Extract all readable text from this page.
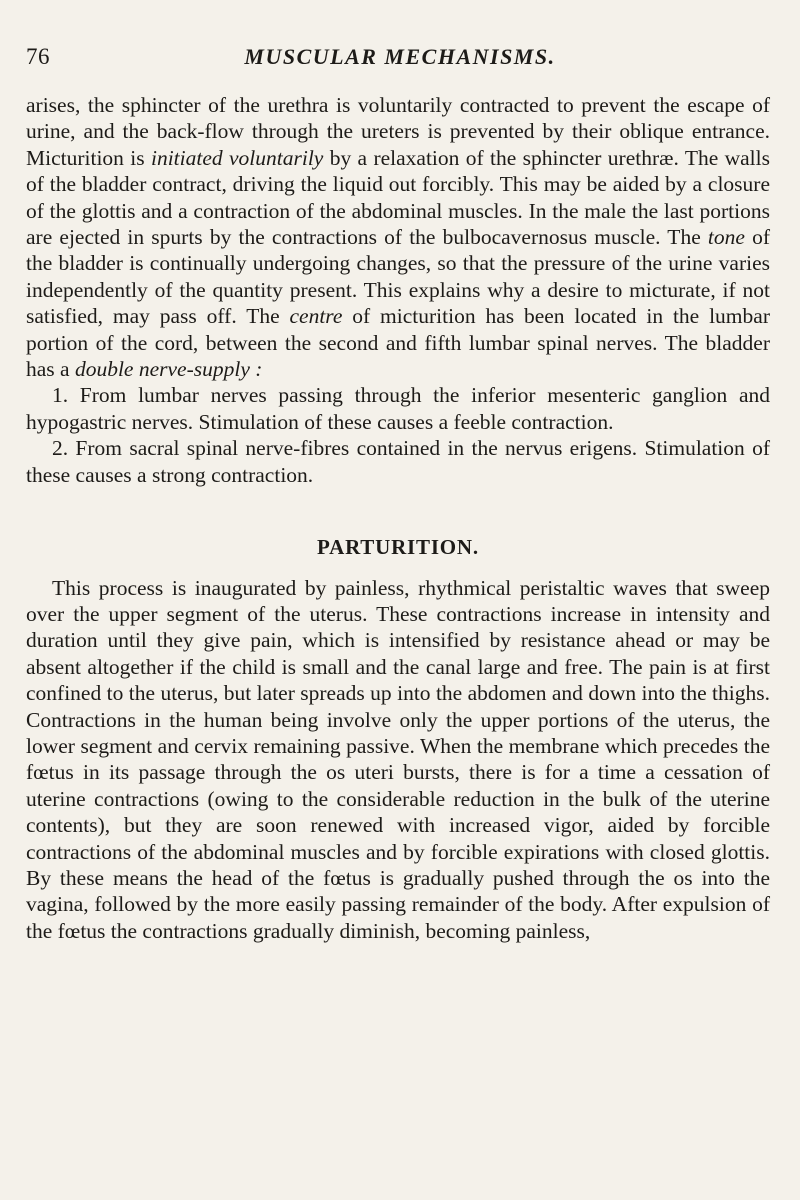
76	MUSCULAR MECHANISMS.

arises, the sphincter of the urethra is voluntarily contracted to prevent the escape of urine, and the back-flow through the ureters is prevented by their oblique entrance. Micturition is initiated voluntarily by a relaxation of the sphincter urethræ. The walls of the bladder contract, driving the liquid out forcibly. This may be aided by a closure of the glottis and a contraction of the abdominal muscles. In the male the last portions are ejected in spurts by the contractions of the bulbocavernosus muscle. The tone of the bladder is continually undergoing changes, so that the pressure of the urine varies independently of the quantity present. This explains why a desire to micturate, if not satisfied, may pass off. The centre of micturition has been located in the lumbar portion of the cord, between the second and fifth lumbar spinal nerves. The bladder has a double nerve-supply :

1. From lumbar nerves passing through the inferior mesenteric ganglion and hypogastric nerves. Stimulation of these causes a feeble contraction.

2. From sacral spinal nerve-fibres contained in the nervus erigens. Stimulation of these causes a strong contraction.

PARTURITION.

This process is inaugurated by painless, rhythmical peristaltic waves that sweep over the upper segment of the uterus. These contractions increase in intensity and duration until they give pain, which is intensified by resistance ahead or may be absent altogether if the child is small and the canal large and free. The pain is at first confined to the uterus, but later spreads up into the abdomen and down into the thighs. Contractions in the human being involve only the upper portions of the uterus, the lower segment and cervix remaining passive. When the membrane which precedes the fœtus in its passage through the os uteri bursts, there is for a time a cessation of uterine contractions (owing to the considerable reduction in the bulk of the uterine contents), but they are soon renewed with increased vigor, aided by forcible contractions of the abdominal muscles and by forcible expirations with closed glottis. By these means the head of the fœtus is gradually pushed through the os into the vagina, followed by the more easily passing remainder of the body. After expulsion of the fœtus the contractions gradually diminish, becoming painless,
